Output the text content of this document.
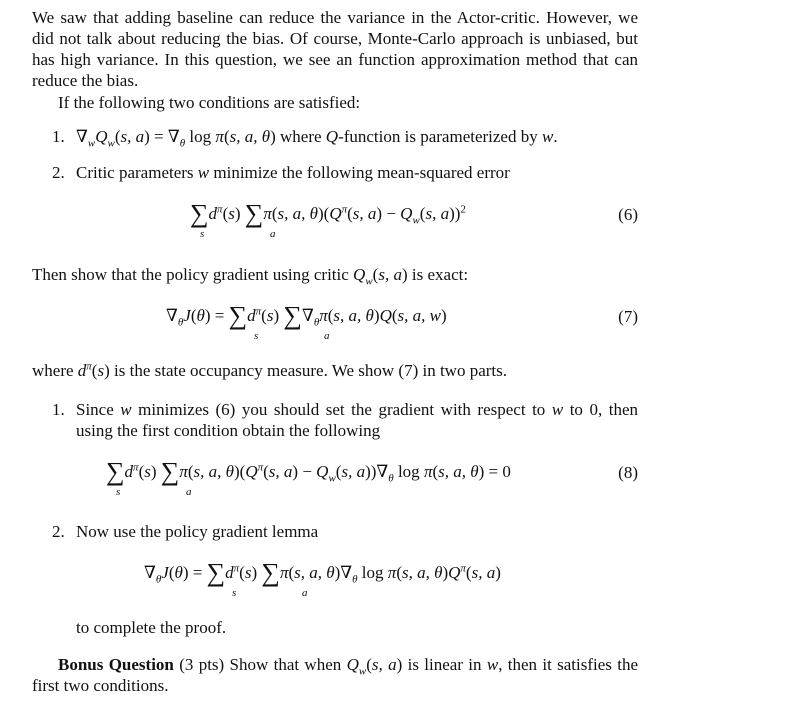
We saw that adding baseline can reduce the variance in the Actor-critic. However, we did not talk about reducing the bias. Of course, Monte-Carlo approach is unbiased, but has high variance. In this question, we see an function approximation method that can reduce the bias.
If the following two conditions are satisfied:
1. $\nabla_wQ_w(s$, $a) = \nabla_\theta$ log π(s, a, θ) where Q-function is parameterized by w.
2. Critic parameters w minimize the following mean-squared error
∑
s
$d^\pi(s)$ ∑
a
π(s, a, $\theta)(Q^\pi(s$, $a) - Q_w(s$, a))$^2$	(6)
Then show that the policy gradient using critic $Q_w(s$, a) is exact:
$\nabla_\theta J(\theta)$ = ∑
s
$d^\pi(s)$ ∑
a
$\nabla_\theta\pi(s$, a, θ)Q(s, a, w)	(7)
where $d^\pi(s)$ is the state occupancy measure. We show (7) in two parts.
1. Since w minimizes (6) you should set the gradient with respect to w to 0, then using the first condition obtain the following
∑
s
$d^\pi(s)$ ∑
a
π(s, a, $\theta)(Q^\pi(s$, $a) - Q_w(s$, $a))\nabla_\theta$ log π(s, a, θ) = 0	(8)
2. Now use the policy gradient lemma
$\nabla_\theta J(\theta)$ = ∑
s
$d^\pi(s)$ ∑
a
π(s, a, $\theta)\nabla_\theta$ log π(s, a, $\theta)Q^\pi(s$, a)
to complete the proof.
Bonus Question (3 pts) Show that when $Q_w(s$, a) is linear in w, then it satisfies the first two conditions.
